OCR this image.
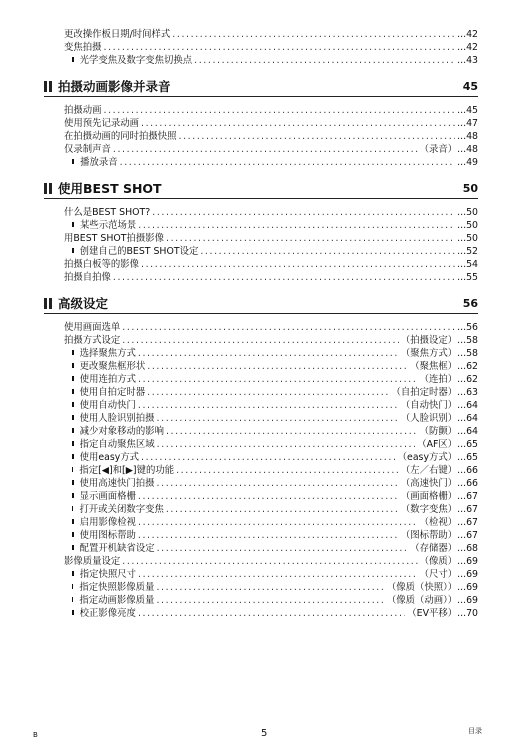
更改操作板日期/时间样式 .....	...42
变焦拍摄 .....	...42
光学变焦及数字变焦切换点 .....	...43
拍摄动画影像并录音	45
拍摄动画 .....	...45
使用预先记录动画 .....	...47
在拍摄动画的同时拍摄快照 .....	...48
仅录制声音 .....	（录音） ...48
播放录音 .....	...49
使用BEST SHOT	50
什么是BEST SHOT? .....	...50
某些示范场景 .....	...50
用BEST SHOT拍摄影像 .....	...50
创建自己的BEST SHOT设定 .....	...52
拍摄白板等的影像 .....	...54
拍摄自拍像 .....	...55
高级设定	56
使用画面选单 .....	...56
拍摄方式设定 .....	（拍摄设定） ...58
选择聚焦方式 .....	（聚焦方式） ...58
更改聚焦框形状 .....	（聚焦框） ...62
使用连拍方式 .....	（连拍） ...62
使用自拍定时器 .....	（自拍定时器） ...63
使用自动快门 .....	（自动快门） ...64
使用人脸识别拍摄 .....	（人脸识别） ...64
减少对象移动的影响 .....	（防颤） ...64
指定自动聚焦区域 .....	（AF区） ...65
使用easy方式 .....	（easy方式） ...65
指定[◀]和[▶]键的功能 .....	（左／右键） ...66
使用高速快门拍摄 .....	（高速快门） ...66
显示画面格栅 .....	（画面格栅） ...67
打开或关闭数字变焦 .....	（数字变焦） ...67
启用影像检视 .....	（检视） ...67
使用图标帮助 .....	（图标帮助） ...67
配置开机缺省设定 .....	（存储器） ...68
影像质量设定 .....	（像质） ...69
指定快照尺寸 .....	（尺寸） ...69
指定快照影像质量 .....	（像质（快照）） ...69
指定动画影像质量 .....	（像质（动画）） ...69
校正影像亮度 .....	（EV平移） ...70
B	5	目录
